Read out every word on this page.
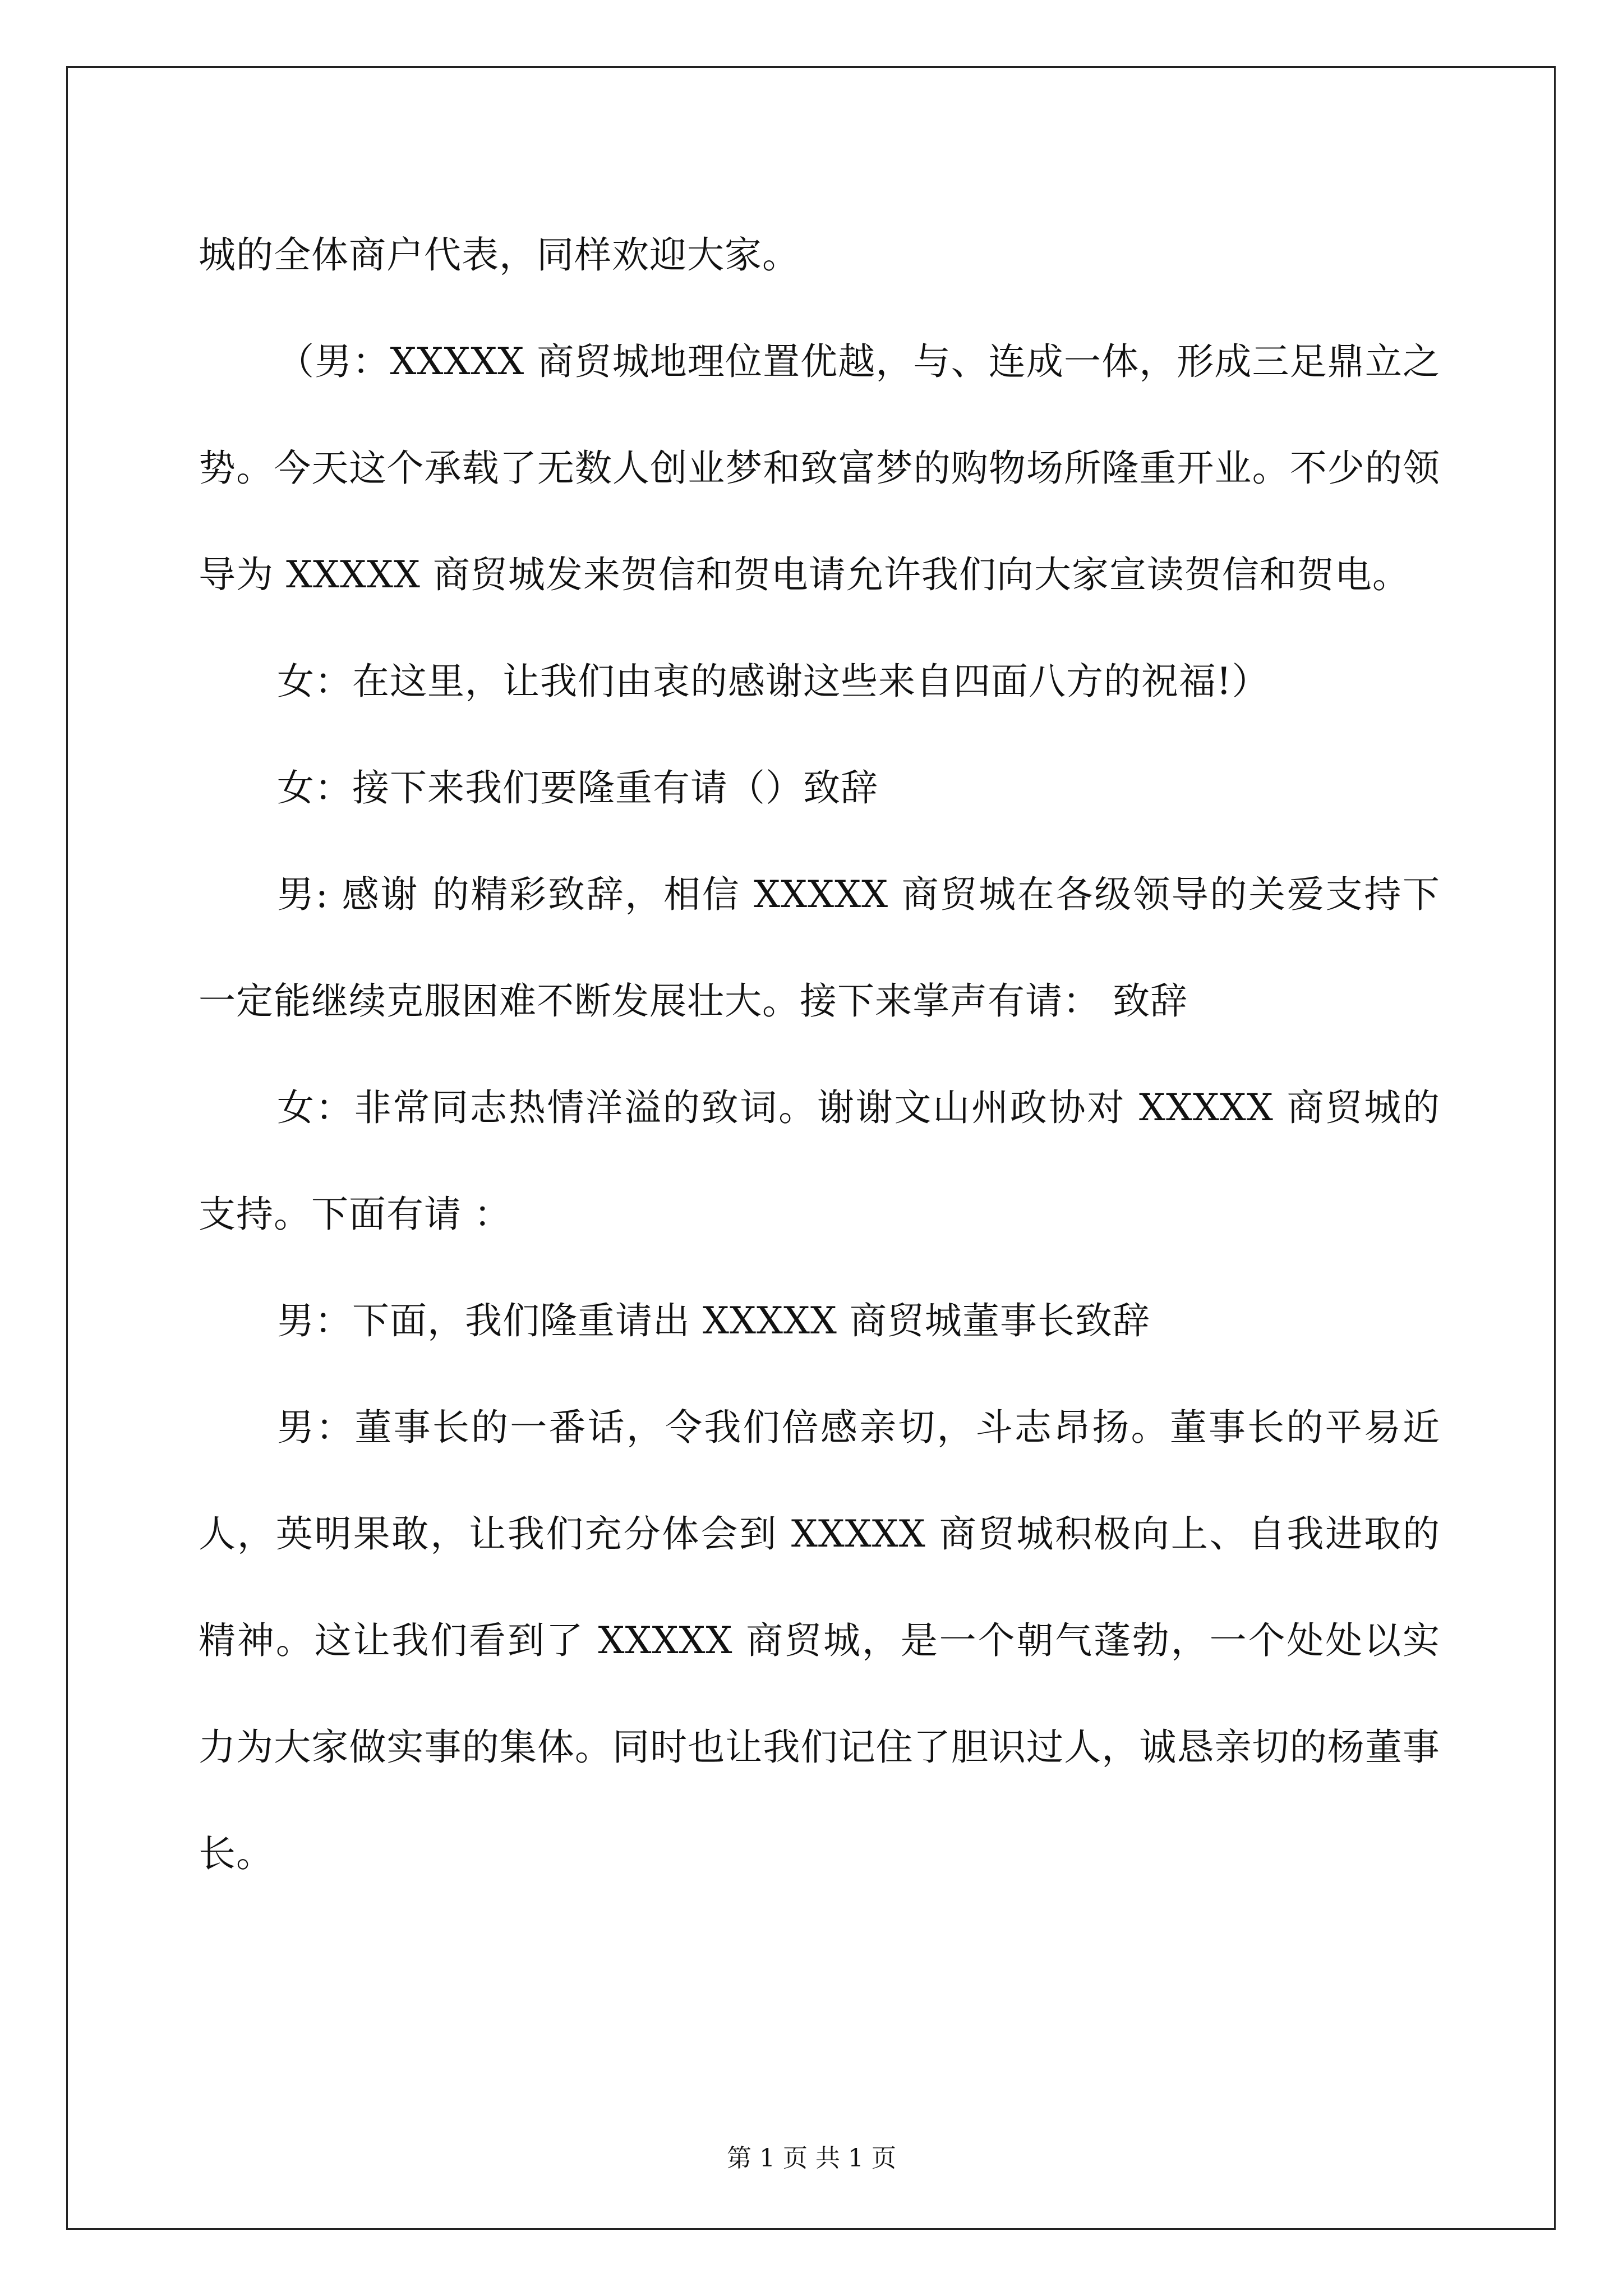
城的全体商户代表，同样欢迎大家。

（男：XXXXX 商贸城地理位置优越，与、连成一体，形成三足鼎立之势。今天这个承载了无数人创业梦和致富梦的购物场所隆重开业。不少的领导为 XXXXX 商贸城发来贺信和贺电请允许我们向大家宣读贺信和贺电。

女：在这里，让我们由衷的感谢这些来自四面八方的祝福!）

女：接下来我们要隆重有请（）致辞

男: 感谢 的精彩致辞，相信 XXXXX 商贸城在各级领导的关爱支持下一定能继续克服困难不断发展壮大。接下来掌声有请： 致辞

女：非常同志热情洋溢的致词。谢谢文山州政协对 XXXXX 商贸城的支持。下面有请 ：

男：下面，我们隆重请出 XXXXX 商贸城董事长致辞

男：董事长的一番话，令我们倍感亲切，斗志昂扬。董事长的平易近人，英明果敢，让我们充分体会到 XXXXX 商贸城积极向上、自我进取的精神。这让我们看到了 XXXXX 商贸城，是一个朝气蓬勃，一个处处以实力为大家做实事的集体。同时也让我们记住了胆识过人，诚恳亲切的杨董事长。

第 1 页 共 1 页
